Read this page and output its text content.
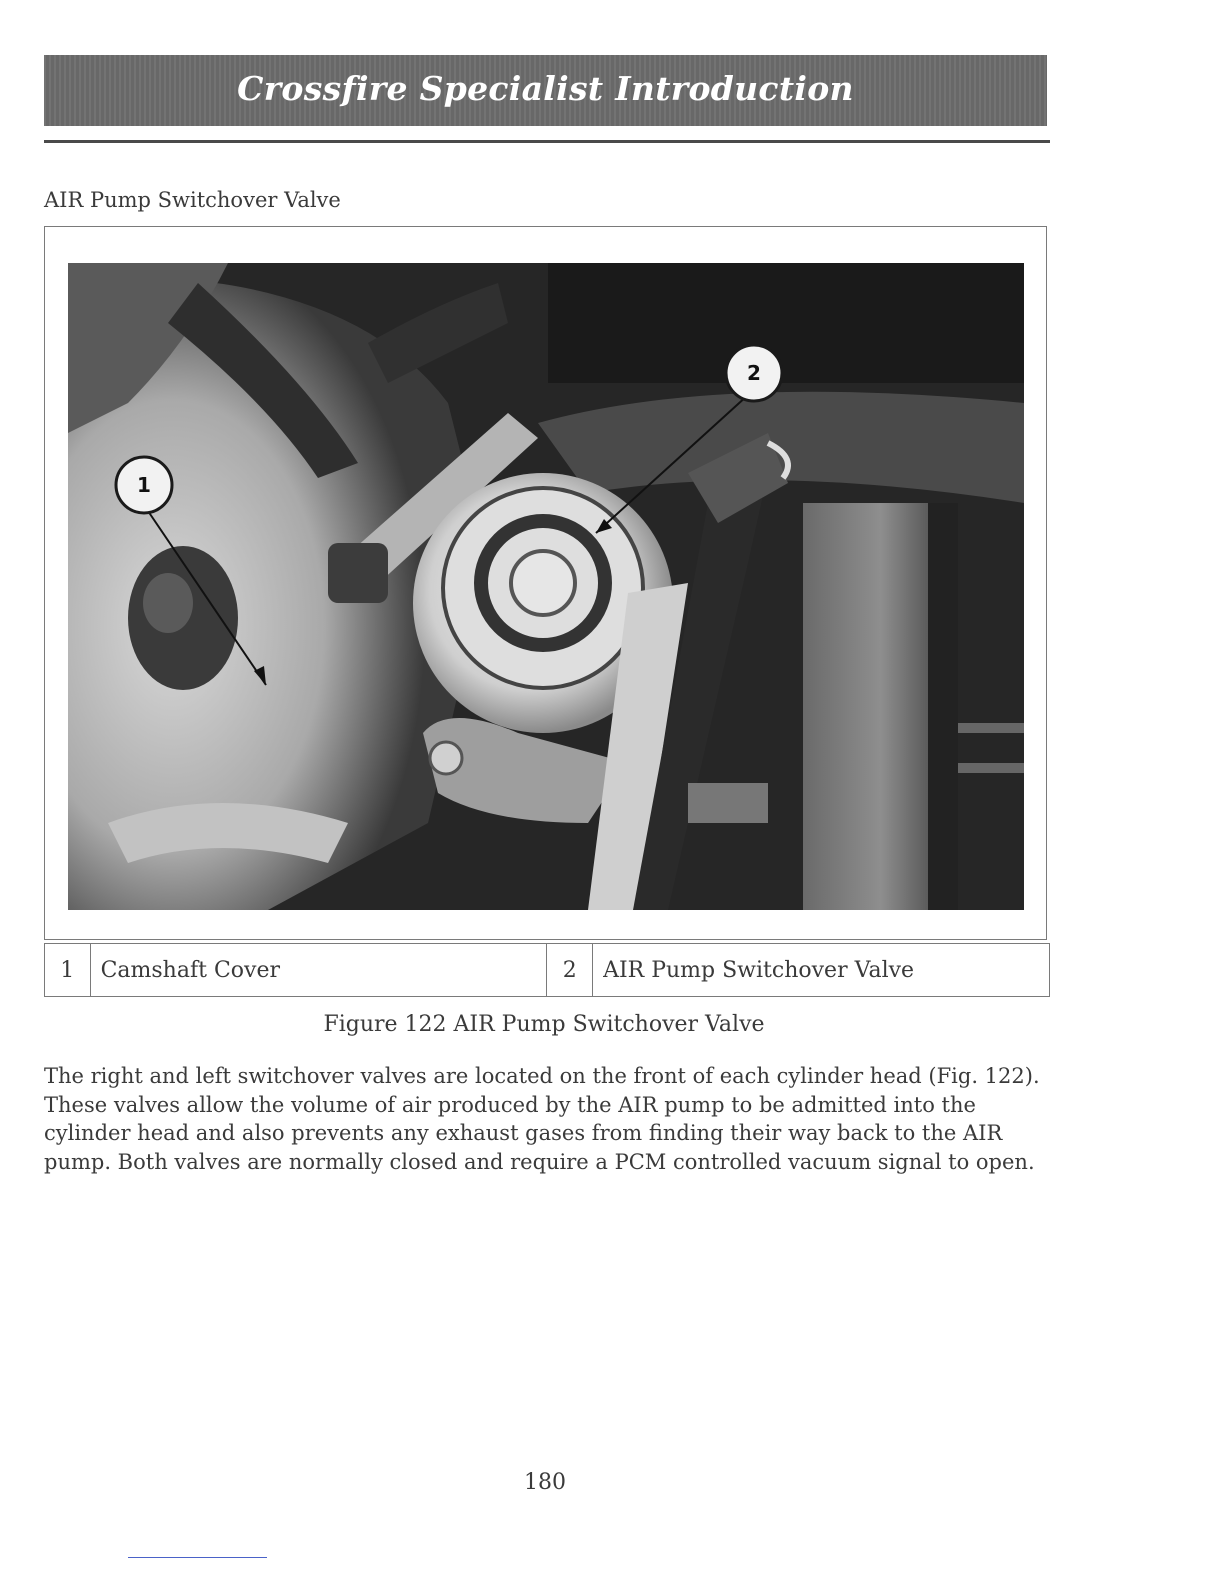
Crossfire Specialist Introduction
AIR Pump Switchover Valve
1
2
1	Camshaft Cover	2	AIR Pump Switchover Valve
Figure 122 AIR Pump Switchover Valve
The right and left switchover valves are located on the front of each cylinder head (Fig. 122). These valves allow the volume of air produced by the AIR pump to be admitted into the cylinder head and also prevents any exhaust gases from finding their way back to the AIR pump. Both valves are normally closed and require a PCM controlled vacuum signal to open.
180
